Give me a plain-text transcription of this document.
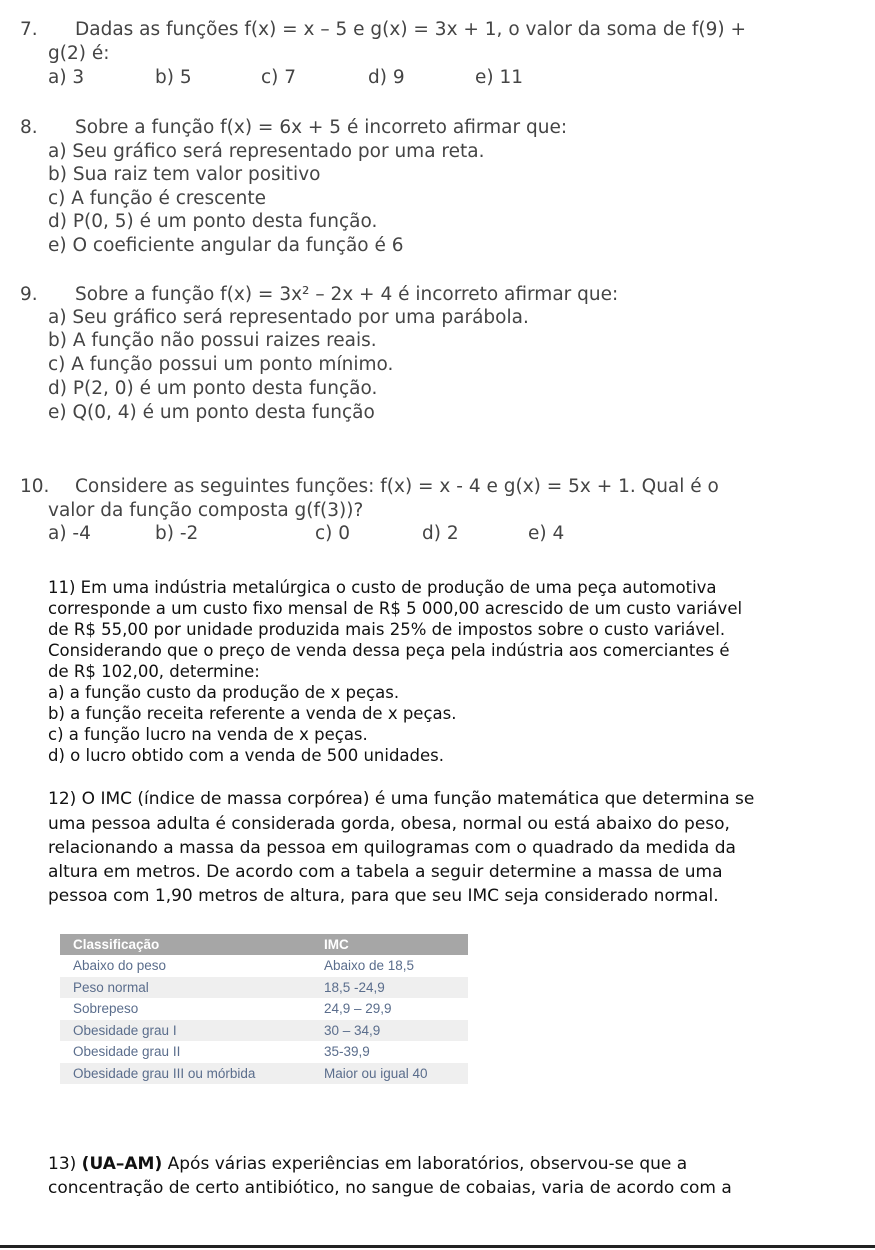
7. Dadas as funções f(x) = x – 5 e g(x) = 3x + 1, o valor da soma de f(9) +
g(2) é:
a) 3	b) 5	c) 7	d) 9	e) 11
8. Sobre a função f(x) = 6x + 5 é incorreto afirmar que:
a) Seu gráfico será representado por uma reta.
b) Sua raiz tem valor positivo
c) A função é crescente
d) P(0, 5) é um ponto desta função.
e) O coeficiente angular da função é 6
9. Sobre a função f(x) = 3x² – 2x + 4 é incorreto afirmar que:
a) Seu gráfico será representado por uma parábola.
b) A função não possui raizes reais.
c) A função possui um ponto mínimo.
d) P(2, 0) é um ponto desta função.
e) Q(0, 4) é um ponto desta função
10. Considere as seguintes funções: f(x) = x - 4 e g(x) = 5x + 1. Qual é o
valor da função composta g(f(3))?
a) -4	b) -2	c) 0	d) 2	e) 4
11) Em uma indústria metalúrgica o custo de produção de uma peça automotiva
corresponde a um custo fixo mensal de R$ 5 000,00 acrescido de um custo variável
de R$ 55,00 por unidade produzida mais 25% de impostos sobre o custo variável.
Considerando que o preço de venda dessa peça pela indústria aos comerciantes é
de R$ 102,00, determine:
a) a função custo da produção de x peças.
b) a função receita referente a venda de x peças.
c) a função lucro na venda de x peças.
d) o lucro obtido com a venda de 500 unidades.
12) O IMC (índice de massa corpórea) é uma função matemática que determina se
uma pessoa adulta é considerada gorda, obesa, normal ou está abaixo do peso,
relacionando a massa da pessoa em quilogramas com o quadrado da medida da
altura em metros. De acordo com a tabela a seguir determine a massa de uma
pessoa com 1,90 metros de altura, para que seu IMC seja considerado normal.
Classificação	IMC
Abaixo do peso	Abaixo de 18,5
Peso normal	18,5 -24,9
Sobrepeso	24,9 – 29,9
Obesidade grau I	30 – 34,9
Obesidade grau II	35-39,9
Obesidade grau III ou mórbida	Maior ou igual 40
13) (UA–AM) Após várias experiências em laboratórios, observou-se que a
concentração de certo antibiótico, no sangue de cobaias, varia de acordo com a
